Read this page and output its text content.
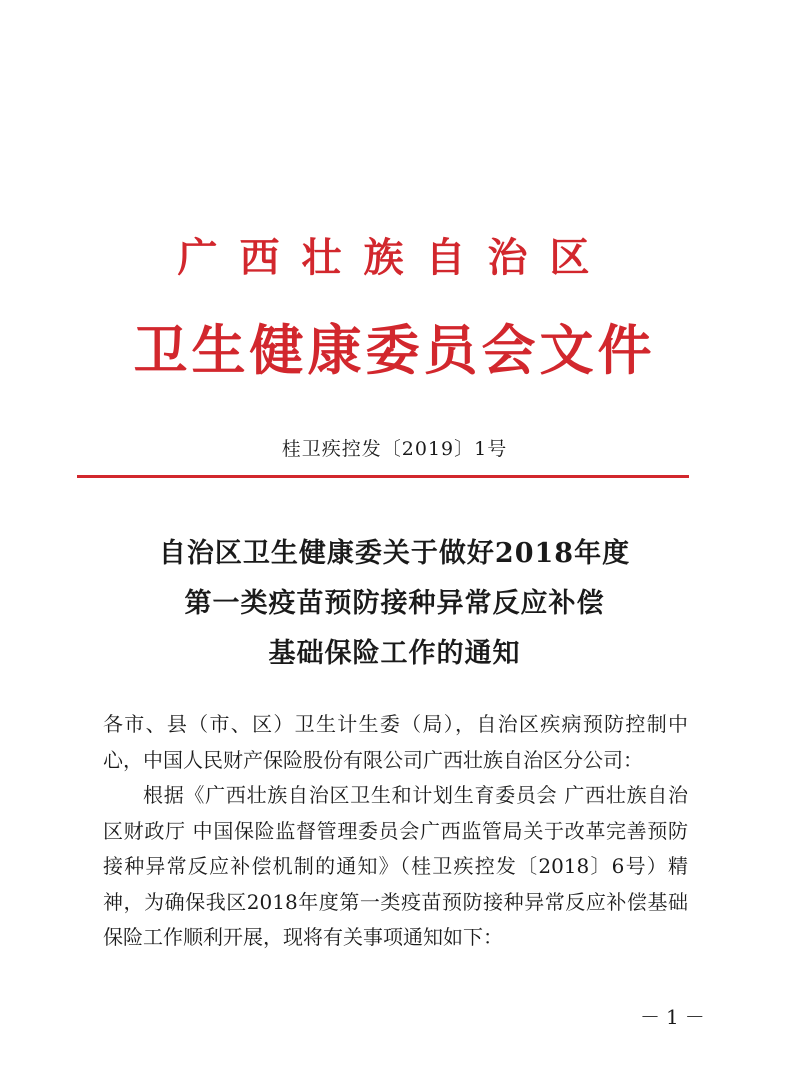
广西壮族自治区
卫生健康委员会文件
桂卫疾控发〔2019〕1号
自治区卫生健康委关于做好2018年度
第一类疫苗预防接种异常反应补偿
基础保险工作的通知

各市、县（市、区）卫生计生委（局），自治区疾病预防控制中心，中国人民财产保险股份有限公司广西壮族自治区分公司：

根据《广西壮族自治区卫生和计划生育委员会 广西壮族自治区财政厅 中国保险监督管理委员会广西监管局关于改革完善预防接种异常反应补偿机制的通知》（桂卫疾控发〔2018〕6号）精神，为确保我区2018年度第一类疫苗预防接种异常反应补偿基础保险工作顺利开展，现将有关事项通知如下：

－1－
